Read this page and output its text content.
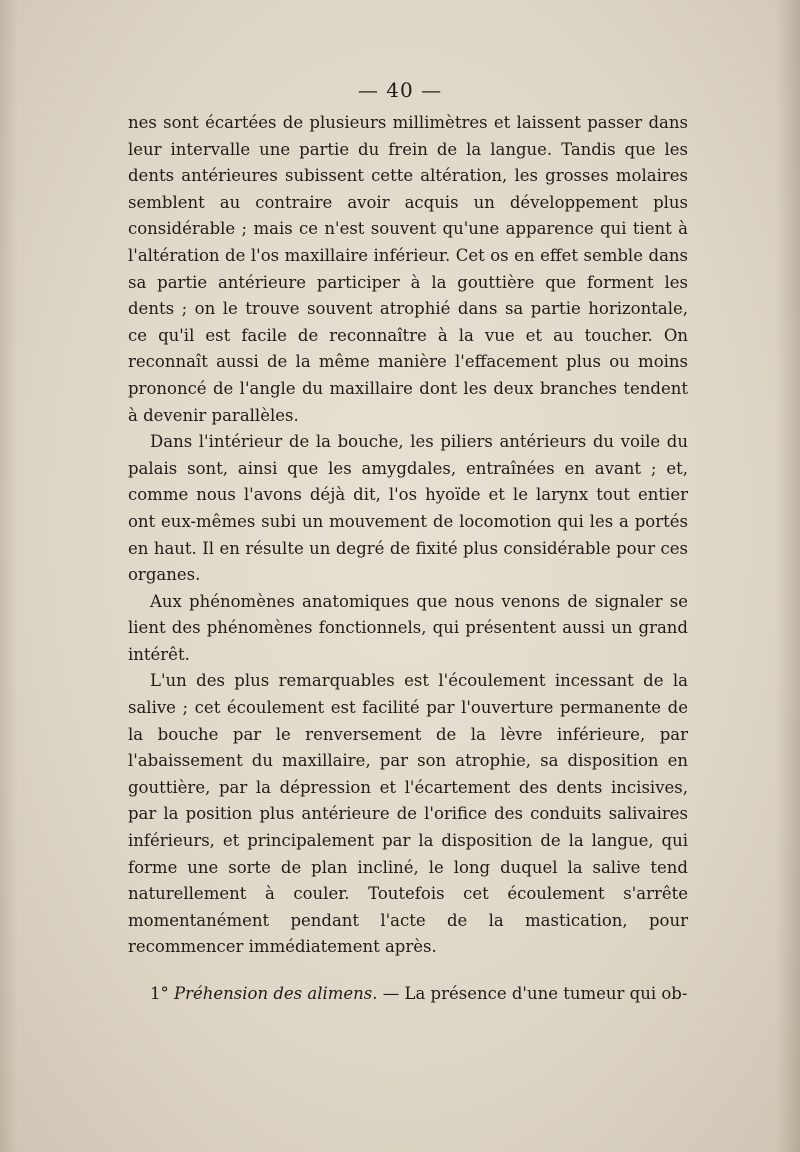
— 40 —

nes sont écartées de plusieurs millimètres et laissent passer dans leur intervalle une partie du frein de la langue. Tandis que les dents antérieures subissent cette altération, les grosses molaires semblent au contraire avoir acquis un développement plus considérable ; mais ce n'est souvent qu'une apparence qui tient à l'altération de l'os maxillaire inférieur. Cet os en effet semble dans sa partie antérieure participer à la gouttière que forment les dents ; on le trouve souvent atrophié dans sa partie horizontale, ce qu'il est facile de reconnaître à la vue et au toucher. On reconnaît aussi de la même manière l'effacement plus ou moins prononcé de l'angle du maxillaire dont les deux branches tendent à devenir parallèles.

Dans l'intérieur de la bouche, les piliers antérieurs du voile du palais sont, ainsi que les amygdales, entraînées en avant ; et, comme nous l'avons déjà dit, l'os hyoïde et le larynx tout entier ont eux-mêmes subi un mouvement de locomotion qui les a portés en haut. Il en résulte un degré de fixité plus considérable pour ces organes.

Aux phénomènes anatomiques que nous venons de signaler se lient des phénomènes fonctionnels, qui présentent aussi un grand intérêt.

L'un des plus remarquables est l'écoulement incessant de la salive ; cet écoulement est facilité par l'ouverture permanente de la bouche par le renversement de la lèvre inférieure, par l'abaissement du maxillaire, par son atrophie, sa disposition en gouttière, par la dépression et l'écartement des dents incisives, par la position plus antérieure de l'orifice des conduits salivaires inférieurs, et principalement par la disposition de la langue, qui forme une sorte de plan incliné, le long duquel la salive tend naturellement à couler. Toutefois cet écoulement s'arrête momentanément pendant l'acte de la mastication, pour recommencer immédiatement après.

1° Préhension des alimens. — La présence d'une tumeur qui ob-
